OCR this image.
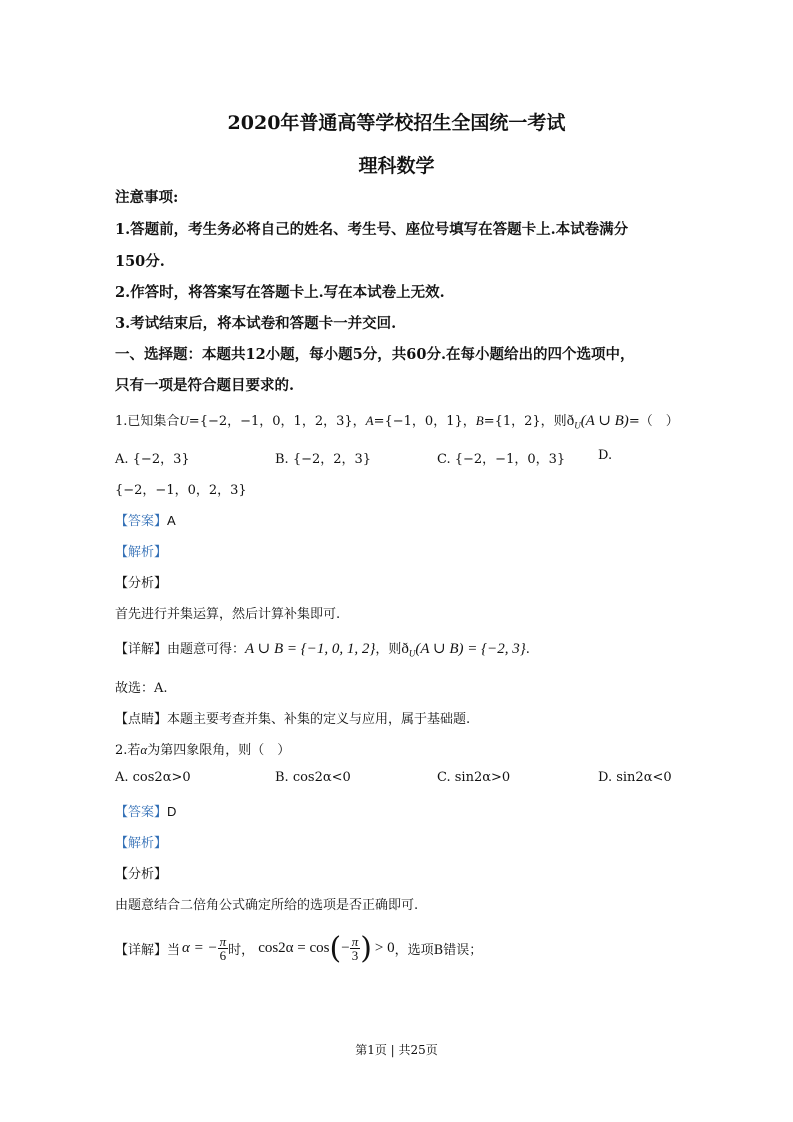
2020年普通高等学校招生全国统一考试
理科数学
注意事项:
1.答题前，考生务必将自己的姓名、考生号、座位号填写在答题卡上.本试卷满分
150分.
2.作答时，将答案写在答题卡上.写在本试卷上无效.
3.考试结束后，将本试卷和答题卡一并交回.
一、选择题：本题共12小题，每小题5分，共60分.在每小题给出的四个选项中，
只有一项是符合题目要求的.
1.已知集合U={−2，−1，0，1，2，3}，A={−1，0，1}，B={1，2}，则$ð_U(A$ ∪ B)=（　）
A. {−2，3}	B. {−2，2，3}	C. {−2，−1，0，3}	D.
{−2，−1，0，2，3}
【答案】A
【解析】
【分析】
首先进行并集运算，然后计算补集即可.
【详解】由题意可得：A ∪ B = {−1, 0, 1, 2}，则$ð_U(A$ ∪ B) = {−2, 3}.
故选：A.
【点睛】本题主要考查并集、补集的定义与应用，属于基础题.
2.若α为第四象限角，则（　）
A. cos2α>0	B. cos2α<0	C. sin2α>0	D. sin2α<0
【答案】D
【解析】
【分析】
由题意结合二倍角公式确定所给的选项是否正确即可.
【详解】 当 α = − $\frac{\pi}{6}$ 时， cos2α = cos ( − $\frac{\pi}{3}$ ) > 0 ，选项B错误；
第1页 | 共25页
